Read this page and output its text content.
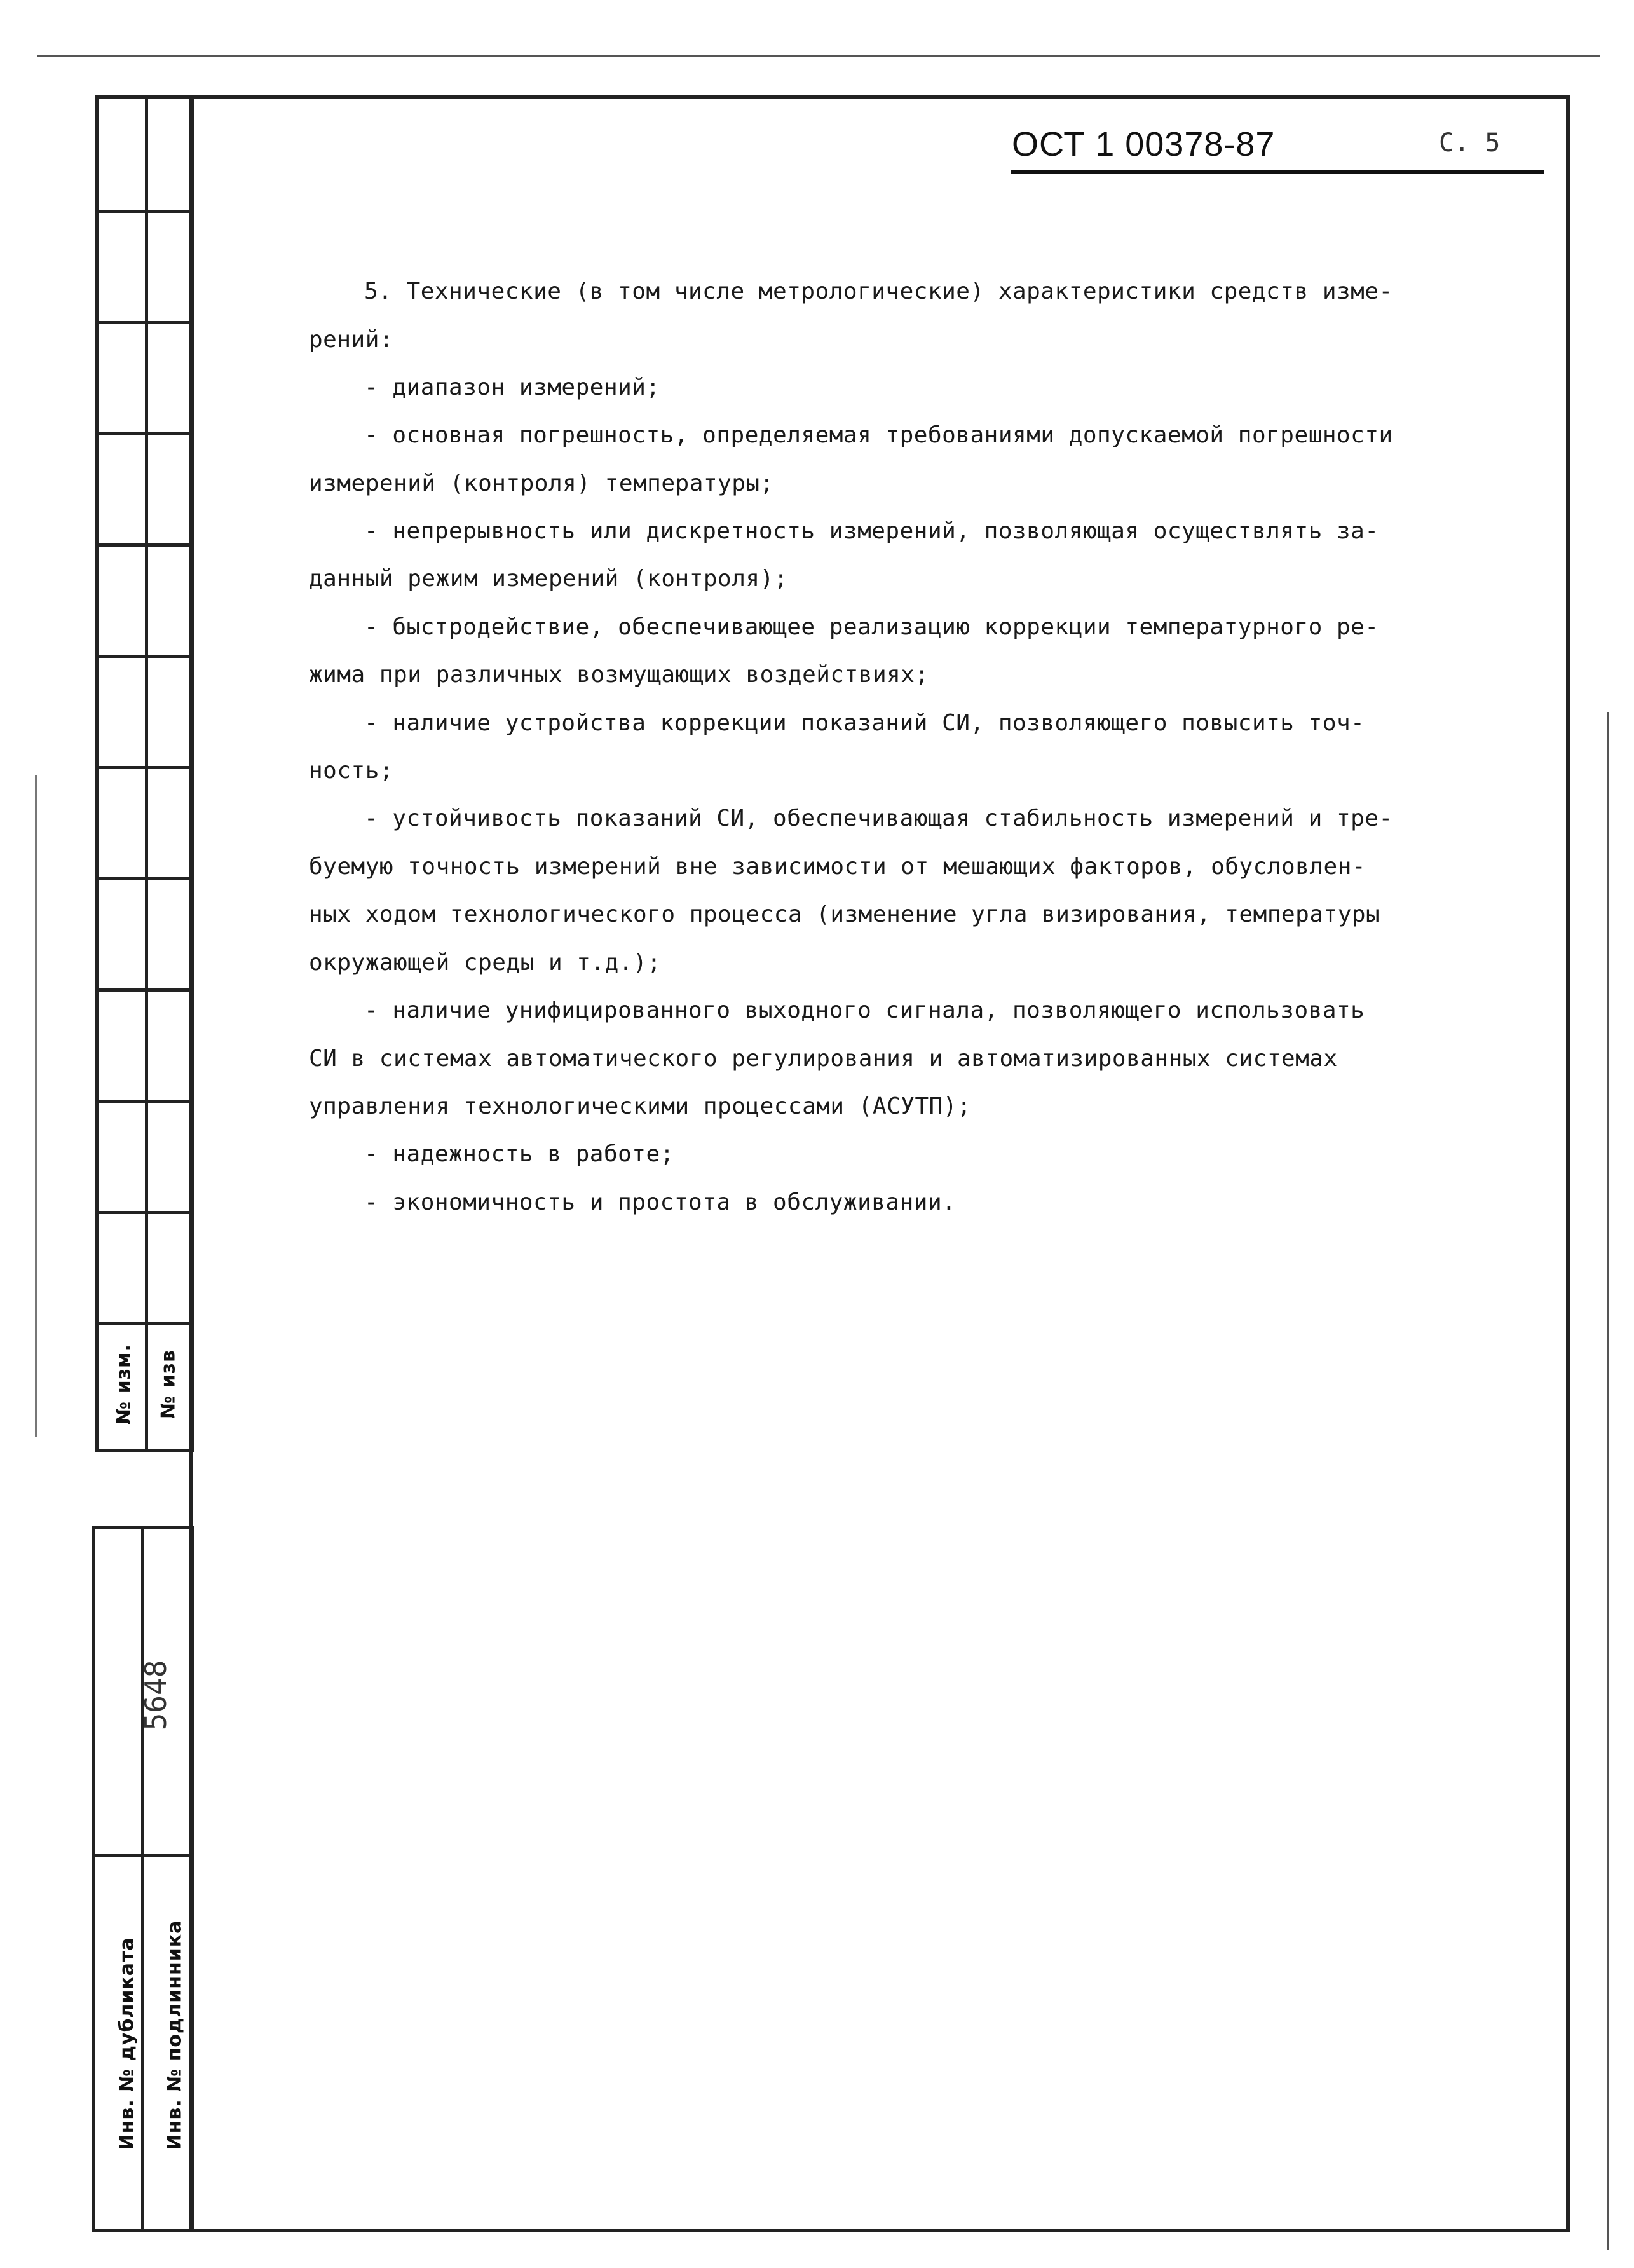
№ изм. № изв
5648
Инв. № дубликата Инв. № подлинника
ОСТ 1 00378-87	С. 5
5. Технические (в том числе метрологические) характеристики средств изме-
рений:
- диапазон измерений;
- основная погрешность, определяемая требованиями допускаемой погрешности
измерений (контроля) температуры;
- непрерывность или дискретность измерений, позволяющая осуществлять за-
данный режим измерений (контроля);
- быстродействие, обеспечивающее реализацию коррекции температурного ре-
жима при различных возмущающих воздействиях;
- наличие устройства коррекции показаний СИ, позволяющего повысить точ-
ность;
- устойчивость показаний СИ, обеспечивающая стабильность измерений и тре-
буемую точность измерений вне зависимости от мешающих факторов, обусловлен-
ных ходом технологического процесса (изменение угла визирования, температуры
окружающей среды и т.д.);
- наличие унифицированного выходного сигнала, позволяющего использовать
СИ в системах автоматического регулирования и автоматизированных системах
управления технологическими процессами (АСУТП);
- надежность в работе;
- экономичность и простота в обслуживании.
